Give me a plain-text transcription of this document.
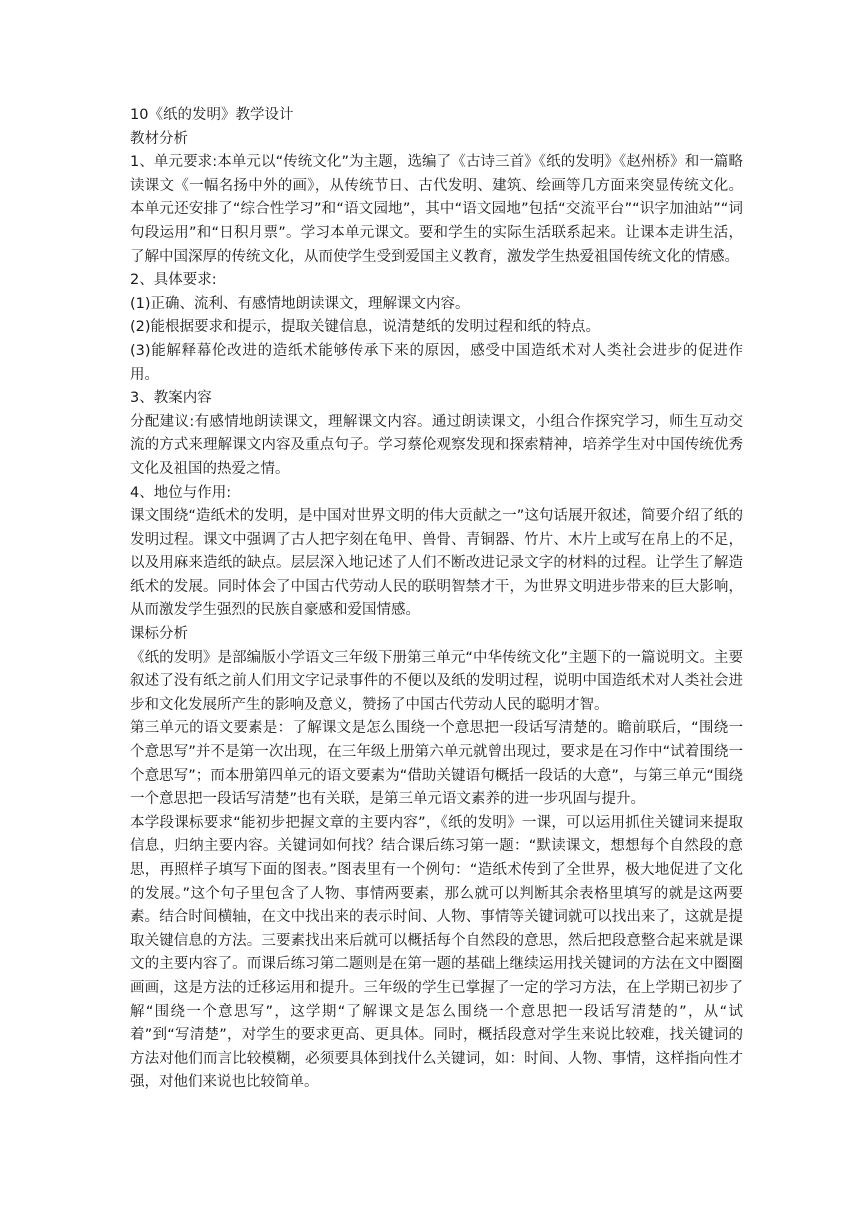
10《纸的发明》教学设计

教材分析

1、单元要求:本单元以“传统文化”为主题，选编了《古诗三首》《纸的发明》《赵州桥》和一篇略读课文《一幅名扬中外的画》，从传统节日、古代发明、建筑、绘画等几方面来突显传统文化。本单元还安排了“综合性学习”和“语文园地”，其中“语文园地”包括“交流平台”“识字加油站”“词句段运用”和“日积月票”。学习本单元课文。要和学生的实际生活联系起来。让课本走讲生活，了解中国深厚的传统文化，从而使学生受到爱国主义教育，激发学生热爱祖国传统文化的情感。

2、具体要求:

(1)正确、流利、有感情地朗读课文，理解课文内容。

(2)能根据要求和提示，提取关键信息，说清楚纸的发明过程和纸的特点。

(3)能解释幕伦改进的造纸术能够传承下来的原因，感受中国造纸术对人类社会进步的促进作用。

3、教案内容

分配建议:有感情地朗读课文，理解课文内容。通过朗读课文，小组合作探究学习，师生互动交流的方式来理解课文内容及重点句子。学习蔡伦观察发现和探索精神，培养学生对中国传统优秀文化及祖国的热爱之情。

4、地位与作用:

课文围绕“造纸术的发明，是中国对世界文明的伟大贡献之一”这句话展开叙述，简要介绍了纸的发明过程。课文中强调了古人把字刻在龟甲、兽骨、青铜器、竹片、木片上或写在帛上的不足，以及用麻来造纸的缺点。层层深入地记述了人们不断改进记录文字的材料的过程。让学生了解造纸术的发展。同时体会了中国古代劳动人民的联明智禁才干，为世界文明进步带来的巨大影响，从而激发学生强烈的民族自豪感和爱国情感。

课标分析

《纸的发明》是部编版小学语文三年级下册第三单元“中华传统文化”主题下的一篇说明文。主要叙述了没有纸之前人们用文字记录事件的不便以及纸的发明过程，说明中国造纸术对人类社会进步和文化发展所产生的影响及意义，赞扬了中国古代劳动人民的聪明才智。

第三单元的语文要素是：了解课文是怎么围绕一个意思把一段话写清楚的。瞻前联后，“围绕一个意思写”并不是第一次出现，在三年级上册第六单元就曾出现过，要求是在习作中“试着围绕一个意思写”；而本册第四单元的语文要素为“借助关键语句概括一段话的大意”，与第三单元“围绕一个意思把一段话写清楚”也有关联，是第三单元语文素养的进一步巩固与提升。

本学段课标要求“能初步把握文章的主要内容”，《纸的发明》一课，可以运用抓住关键词来提取信息，归纳主要内容。关键词如何找？结合课后练习第一题：“默读课文，想想每个自然段的意思，再照样子填写下面的图表。”图表里有一个例句：“造纸术传到了全世界，极大地促进了文化的发展。”这个句子里包含了人物、事情两要素，那么就可以判断其余表格里填写的就是这两要素。结合时间横轴，在文中找出来的表示时间、人物、事情等关键词就可以找出来了，这就是提取关键信息的方法。三要素找出来后就可以概括每个自然段的意思，然后把段意整合起来就是课文的主要内容了。而课后练习第二题则是在第一题的基础上继续运用找关键词的方法在文中圈圈画画，这是方法的迁移运用和提升。三年级的学生已掌握了一定的学习方法，在上学期已初步了解“围绕一个意思写”，这学期“了解课文是怎么围绕一个意思把一段话写清楚的”，从“试着”到“写清楚”，对学生的要求更高、更具体。同时，概括段意对学生来说比较难，找关键词的方法对他们而言比较模糊，必须要具体到找什么关键词，如：时间、人物、事情，这样指向性才强，对他们来说也比较简单。
